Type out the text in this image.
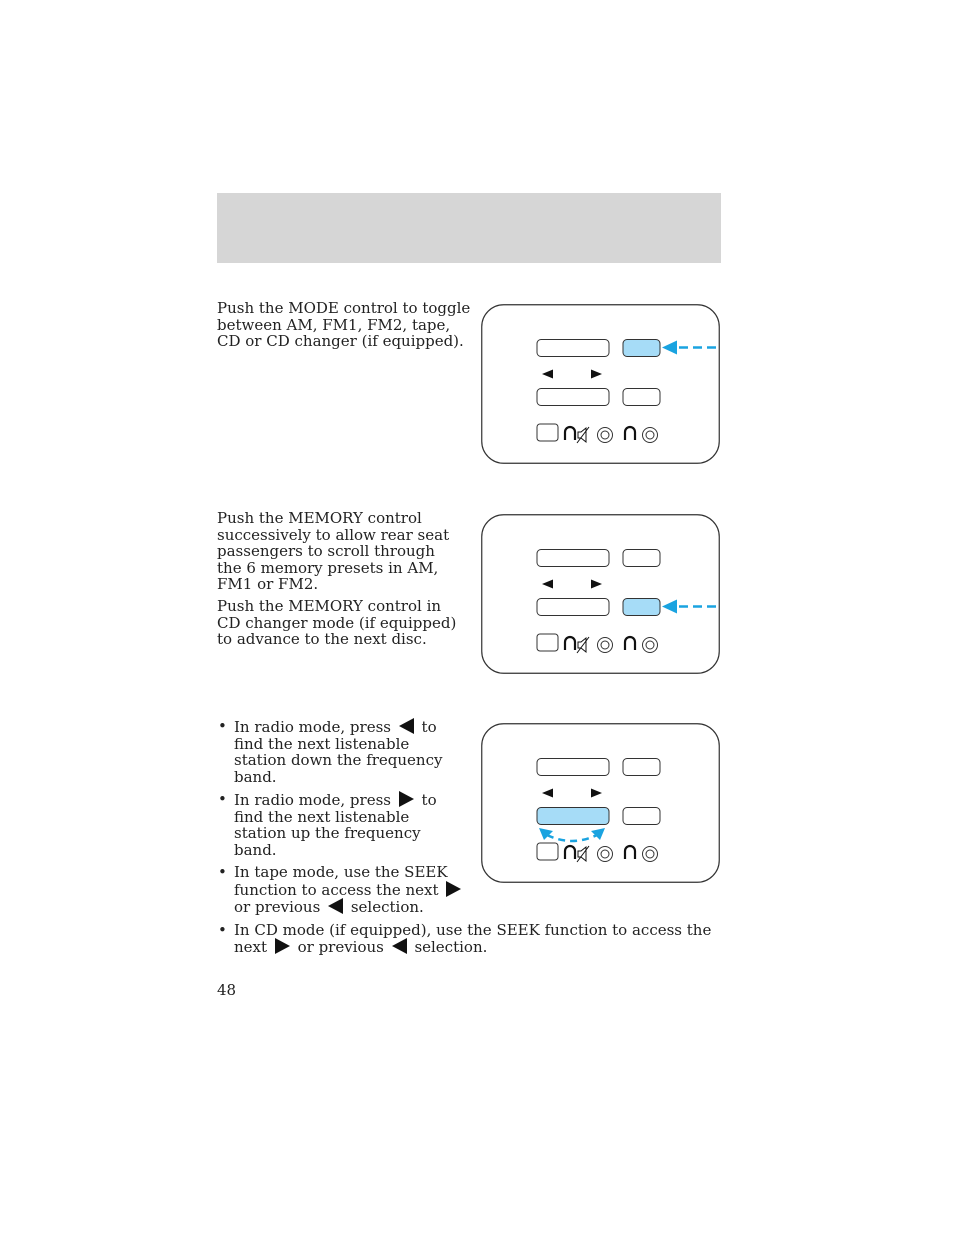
Push the MODE control to toggle between AM, FM1, FM2, tape, CD or CD changer (if equipped).

Push the MEMORY control successively to allow rear seat passengers to scroll through the 6 memory presets in AM, FM1 or FM2.

Push the MEMORY control in CD changer mode (if equipped) to advance to the next disc.

• In radio mode, press to find the next listenable station down the frequency band.
• In radio mode, press to find the next listenable station up the frequency band.
• In tape mode, use the SEEK function to access the next  or previous selection.
• In CD mode (if equipped), use the SEEK function to access the next or previous selection.
48
